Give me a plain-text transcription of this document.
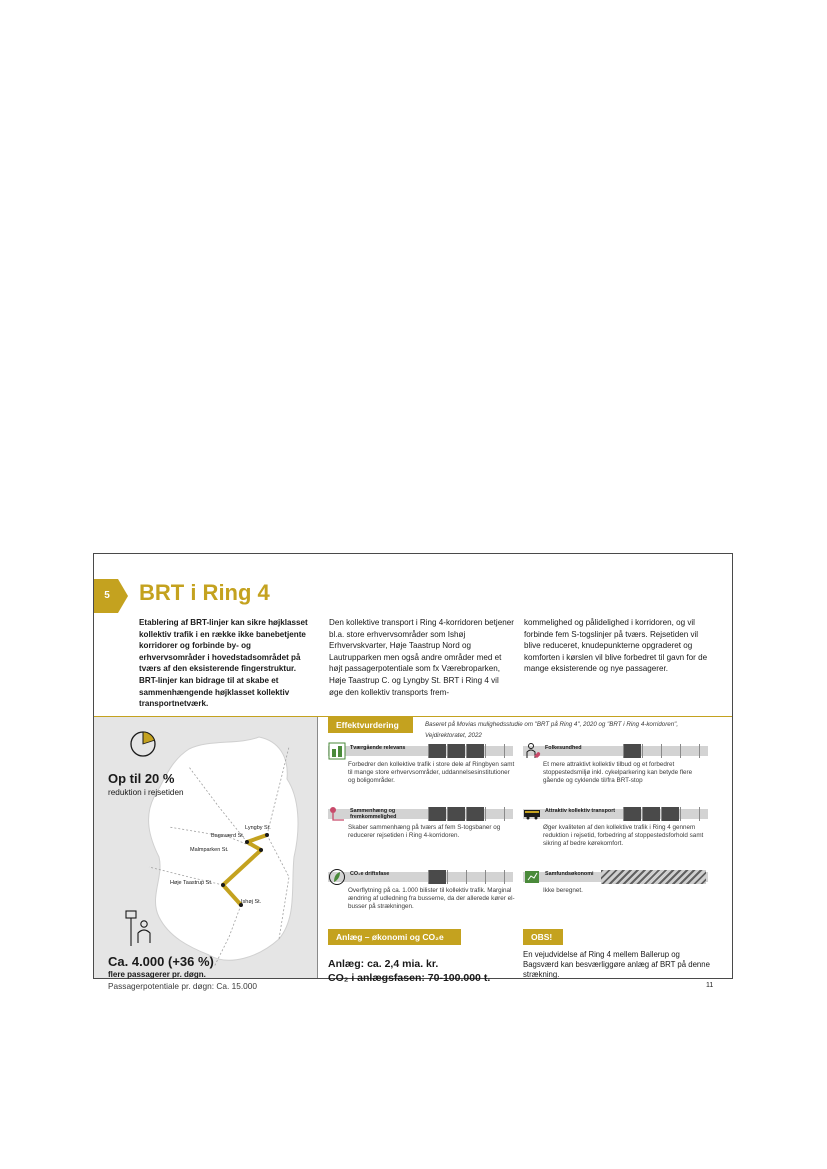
5	BRT i Ring 4
Etablering af BRT-linjer kan sikre højklasset kollektiv trafik i en række ikke banebetjente korridorer og forbinde by- og erhvervsområder i hovedstadsområdet på tværs af den eksisterende fingerstruktur. BRT-linjer kan bidrage til at skabe et sammenhængende højklasset kollektiv transportnetværk.
Den kollektive transport i Ring 4-korridoren betjener bl.a. store erhvervsområder som Ishøj Erhvervskvarter, Høje Taastrup Nord og Lautrupparken men også andre områder med et højt passagerpotentiale som fx Værebroparken, Høje Taastrup C. og Lyngby St. BRT i Ring 4 vil øge den kollektiv transports frem-
kommelighed og pålidelighed i korridoren, og vil forbinde fem S-togslinjer på tværs. Rejsetiden vil blive reduceret, knudepunkterne opgraderet og komforten i kørslen vil blive forbedret til gavn for de mange eksisterende og nye passagerer.
Lyngby St.
Bagsværd St.
Malmparken St.
Høje Taastrup St.
Ishøj St.
Op til 20 %
reduktion i rejsetiden
Ca. 4.000 (+36 %)
flere passagerer pr. døgn.
Passagerpotentiale pr. døgn: Ca. 15.000
Effektvurdering	Baseret på Movias mulighedsstudie om "BRT på Ring 4", 2020 og "BRT i Ring 4-korridoren", Vejdirektoratet, 2022
Anlæg – økonomi og CO₂e	OBS!
Anlæg: ca. 2,4 mia. kr.
CO₂ i anlægsfasen: 70-100.000 t.
En vejudvidelse af Ring 4 mellem Ballerup og Bagsværd kan besværliggøre anlæg af BRT på denne strækning.
11
Tværgående relevans
Forbedrer den kollektive trafik i store dele af Ringbyen samt til mange store erhvervsområder, uddannelsesinstitutioner og boligområder.
Folkesundhed
Et mere attraktivt kollektiv tilbud og et forbedret stoppestedsmiljø inkl. cykelparkering kan betyde flere gående og cyklende til/fra BRT-stop
Sammenhæng og fremkommelighed
Skaber sammenhæng på tværs af fem S-togsbaner og reducerer rejsetiden i Ring 4-korridoren.
Attraktiv kollektiv transport
Øger kvaliteten af den kollektive trafik i Ring 4 gennem reduktion i rejsetid, forbedring af stoppestedsforhold samt sikring af bedre kørekomfort.
CO₂e driftsfase
Overflytning på ca. 1.000 bilister til kollektiv trafik. Marginal ændring af udledning fra busserne, da der allerede kører el-busser på strækningen.
Samfundsøkonomi
Ikke beregnet.
